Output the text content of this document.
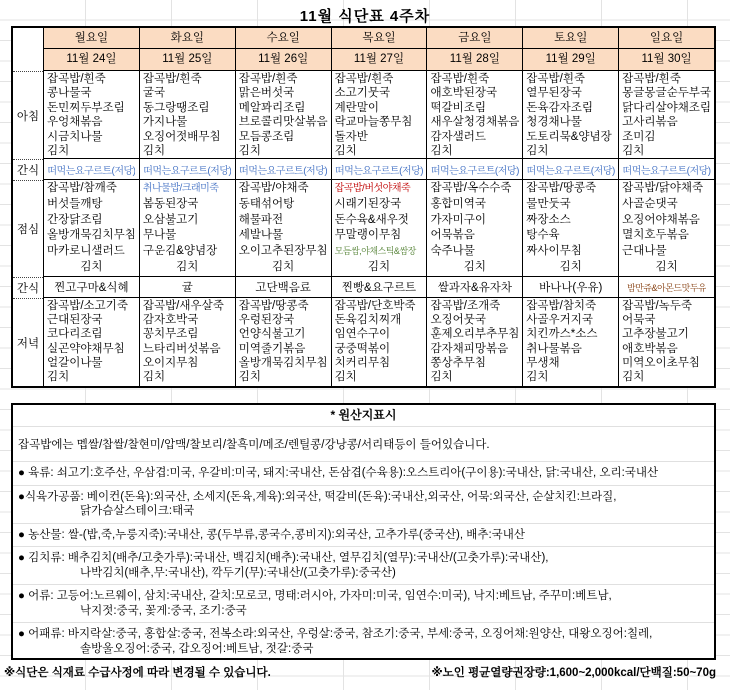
11월 식단표 4주차
아침
간식
점심
간식
저녁
월요일
11월 24일
잡곡밥/흰죽
콩나물국
돈민찌두부조림
우엉채볶음
시금치나물
김치
떠먹는요구르트(저당)
잡곡밥/참깨죽
버섯들깨탕
간장닭조림
올방개묵김치무침
마카로니샐러드
김치
찐고구마&식혜
잡곡밥/소고기죽
근대된장국
코다리조림
실곤약야채무침
얼갈이나물
김치
화요일
11월 25일
잡곡밥/흰죽
굴국
동그랑땡조림
가지나물
오징어젓배무침
김치
떠먹는요구르트(저당)
취나물밥/크래미죽
봄동된장국
오삼불고기
무나물
구운김&양념장
김치
귤
잡곡밥/새우살죽
감자호박국
꽁치무조림
느타리버섯볶음
오이지무침
김치
수요일
11월 26일
잡곡밥/흰죽
맑은버섯국
메알꽈리조림
브로콜리맛살볶음
모듬콩조림
김치
떠먹는요구르트(저당)
잡곡밥/야채죽
동태섞어탕
해물파전
세발나물
오이고추된장무침
김치
고단백음료
잡곡밥/땅콩죽
우렁된장국
언양식불고기
미역줄기볶음
올방개묵김치무침
김치
목요일
11월 27일
잡곡밥/흰죽
소고기뭇국
계란말이
락교마늘쫑무침
돌자반
김치
떠먹는요구르트(저당)
잡곡밥/버섯야채죽
시래기된장국
돈수육&새우젓
무말랭이무침
모듬쌈,야채스틱&쌈장
김치
찐빵&요구르트
잡곡밥/단호박죽
돈육김치찌개
임연수구이
궁중떡볶이
치커리무침
김치
금요일
11월 28일
잡곡밥/흰죽
애호박된장국
떡갈비조림
새우살청경채볶음
감자샐러드
김치
떠먹는요구르트(저당)
잡곡밥/옥수수죽
홍합미역국
가자미구이
어묵볶음
숙주나물
김치
쌀과자&유자차
잡곡밥/조개죽
오징어뭇국
훈제오리부추무침
감자채피망볶음
쫑상추무침
김치
토요일
11월 29일
잡곡밥/흰죽
열무된장국
돈육감자조림
청경채나물
도토리묵&양념장
김치
떠먹는요구르트(저당)
잡곡밥/땅콩죽
물만둣국
짜장소스
탕수육
짜사이무침
김치
바나나(우유)
잡곡밥/참치죽
사골우거지국
치킨까스*소스
취나물볶음
무생채
김치
일요일
11월 30일
잡곡밥/흰죽
몽글몽글순두부국
닭다리살야채조림
고사리볶음
조미김
김치
떠먹는요구르트(저당)
잡곡밥/닭야채죽
사골순댓국
오징어야채볶음
멸치호두볶음
근대나물
김치
밤만쥬&아몬드맛두유
잡곡밥/녹두죽
어묵국
고추장불고기
애호박볶음
미역오이초무침
김치
* 원산지표시
잡곡밥에는 멥쌀/찹쌀/찰현미/압맥/찰보리/찰흑미/메조/렌틸콩/강낭콩/서리태등이 들어있습니다.
● 육류: 쇠고기:호주산, 우삼겹:미국, 우갈비:미국, 돼지:국내산, 돈삼겹(수육용):오스트리아(구이용):국내산, 닭:국내산, 오리:국내산
●식육가공품: 베이컨(돈육):외국산, 소세지(돈육,계육):외국산, 떡갈비(돈육):국내산,외국산, 어묵:외국산, 순살치킨:브라질,
닭가슴살스테이크:태국
● 농산물: 쌀-(밥,죽,누룽지죽):국내산, 콩(두부류,콩국수,콩비지):외국산, 고추가루(중국산), 배추:국내산
● 김치류: 배추김치(배추/고춧가루):국내산, 백김치(배추):국내산, 열무김치(열무):국내산/(고춧가루):국내산),
나박김치(배추,무:국내산), 깍두기(무):국내산/(고춧가루):중국산)
● 어류: 고등어:노르웨이, 삼치:국내산, 갈치:모로코, 명태:러시아, 가자미:미국, 임연수:미국), 낙지:베트남, 주꾸미:베트남,
낙지젓:중국, 꽃게:중국, 조기:중국
● 어패류: 바지락살:중국, 홍합살:중국, 전복소라:외국산, 우렁살:중국, 참조기:중국, 부세:중국, 오징어채:원양산, 대왕오징어:칠레,
솔방울오징어:중국, 갑오징어:베트남, 젓갈:중국
※식단은 식재료 수급사정에 따라 변경될 수 있습니다.	※노인 평균열량권장량:1,600~2,000kcal/단백질:50~70g
